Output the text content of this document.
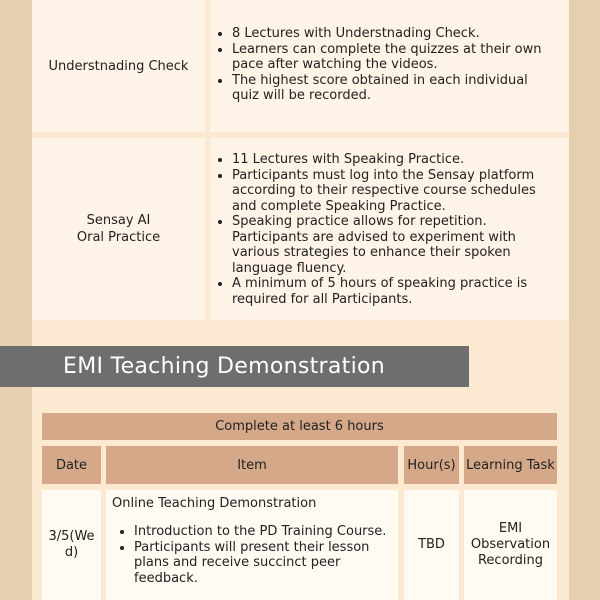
Understnading Check
• 8 Lectures with Understnading Check.
• Learners can complete the quizzes at their own pace after watching the videos.
• The highest score obtained in each individual quiz will be recorded.
Sensay AI
Oral Practice
• 11 Lectures with Speaking Practice.
• Participants must log into the Sensay platform according to their respective course schedules and complete Speaking Practice.
• Speaking practice allows for repetition. Participants are advised to experiment with various strategies to enhance their spoken language fluency.
• A minimum of 5 hours of speaking practice is required for all Participants.
EMI Teaching Demonstration
Complete at least 6 hours
Date	Item	Hour(s) Learning Task
3/5(We
d)
Online Teaching Demonstration
• Introduction to the PD Training Course.
• Participants will present their lesson plans and receive succinct peer feedback.
TBD
EMI
Observation
Recording
